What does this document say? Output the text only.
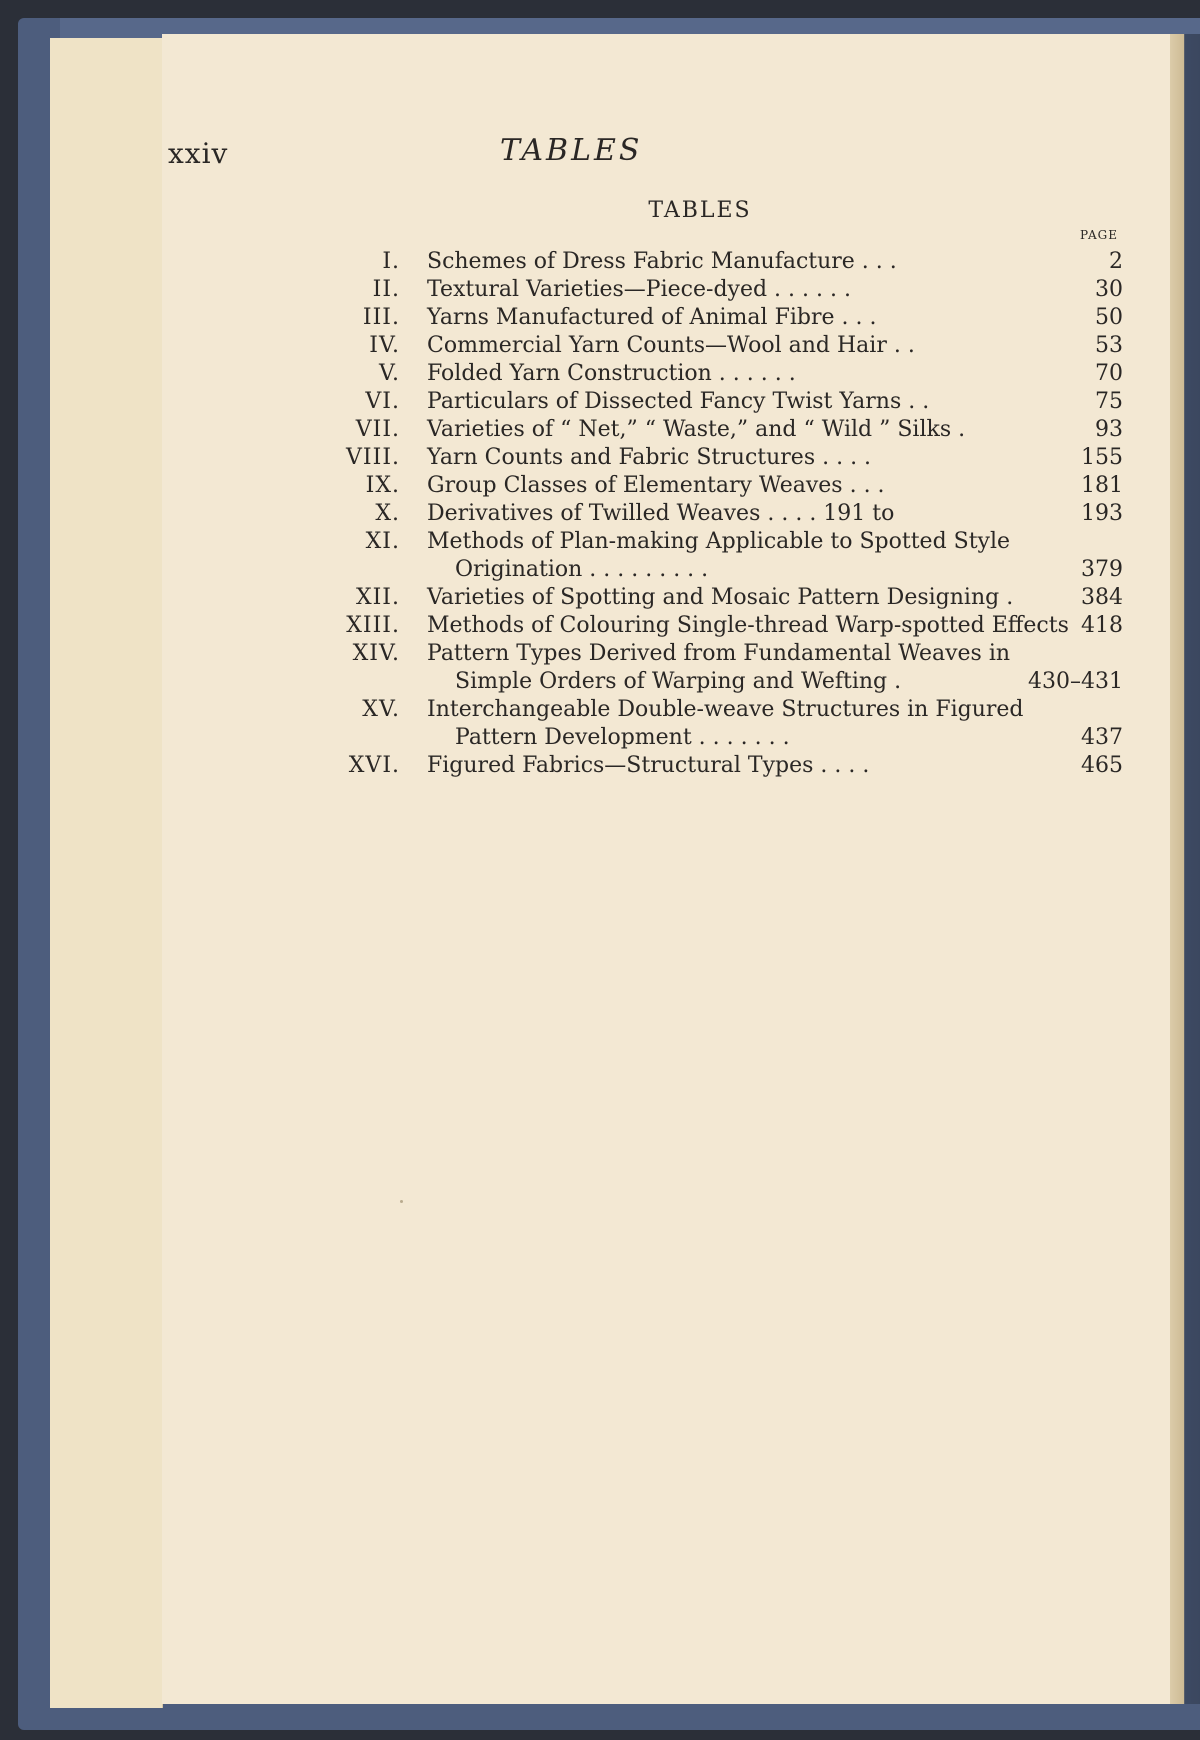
xxiv	TABLES
TABLES
PAGE
I. Schemes of Dress Fabric Manufacture . . .	2
II. Textural Varieties—Piece-dyed . . . . . .	30
III. Yarns Manufactured of Animal Fibre . . .	50
IV. Commercial Yarn Counts—Wool and Hair . .	53
V. Folded Yarn Construction . . . . . .	70
VI. Particulars of Dissected Fancy Twist Yarns . .	75
VII. Varieties of “ Net,” “ Waste,” and “ Wild ” Silks .	93
VIII. Yarn Counts and Fabric Structures . . . .	155
IX. Group Classes of Elementary Weaves . . .	181
X. Derivatives of Twilled Weaves . . . . 191 to	193
XI. Methods of Plan-making Applicable to Spotted Style
Origination . . . . . . . . .	379
XII. Varieties of Spotting and Mosaic Pattern Designing .	384
XIII. Methods of Colouring Single-thread Warp-spotted Effects 418
XIV. Pattern Types Derived from Fundamental Weaves in
Simple Orders of Warping and Wefting .	430–431
XV. Interchangeable Double-weave Structures in Figured
Pattern Development . . . . . . .	437
XVI. Figured Fabrics—Structural Types . . . .	465
